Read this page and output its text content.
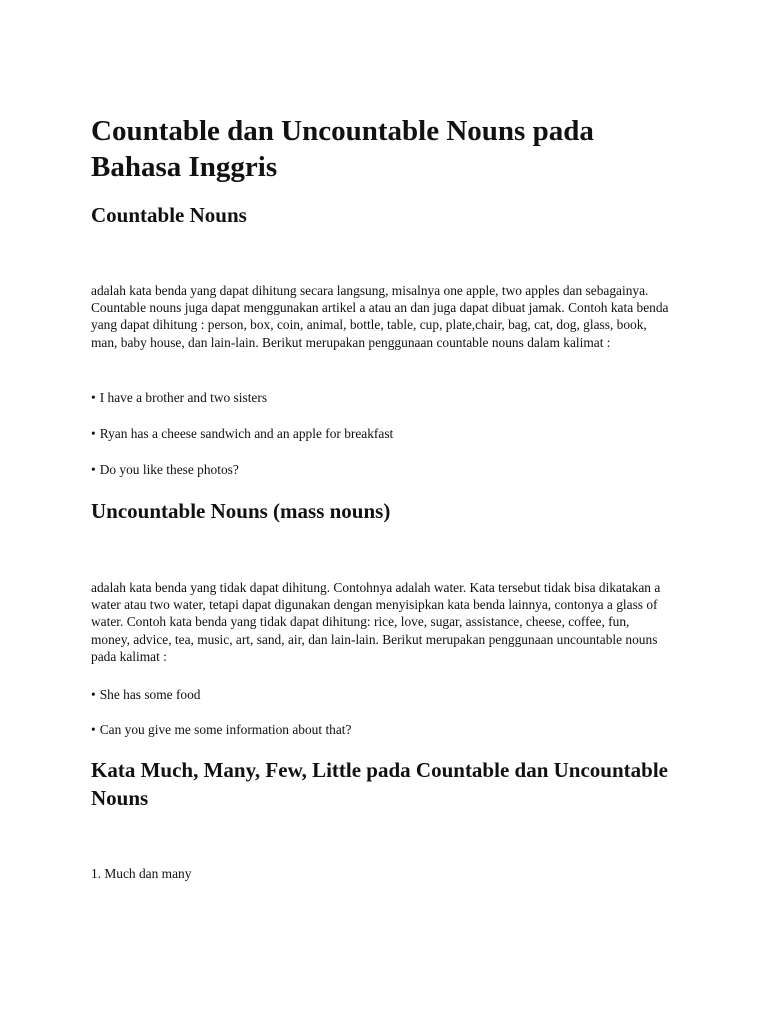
Countable dan Uncountable Nouns pada Bahasa Inggris
Countable Nouns

adalah kata benda yang dapat dihitung secara langsung, misalnya one apple, two apples dan sebagainya. Countable nouns juga dapat menggunakan artikel a atau an dan juga dapat dibuat jamak. Contoh kata benda yang dapat dihitung : person, box, coin, animal, bottle, table, cup, plate,chair, bag, cat, dog, glass, book, man, baby house, dan lain-lain. Berikut merupakan penggunaan countable nouns dalam kalimat :

• I have a brother and two sisters

• Ryan has a cheese sandwich and an apple for breakfast

• Do you like these photos?

Uncountable Nouns (mass nouns)

adalah kata benda yang tidak dapat dihitung. Contohnya adalah water. Kata tersebut tidak bisa dikatakan a water atau two water, tetapi dapat digunakan dengan menyisipkan kata benda lainnya, contonya a glass of water. Contoh kata benda yang tidak dapat dihitung: rice, love, sugar, assistance, cheese, coffee, fun, money, advice, tea, music, art, sand, air, dan lain-lain. Berikut merupakan penggunaan uncountable nouns pada kalimat :

• She has some food

• Can you give me some information about that?

Kata Much, Many, Few, Little pada Countable dan Uncountable Nouns

1. Much dan many
